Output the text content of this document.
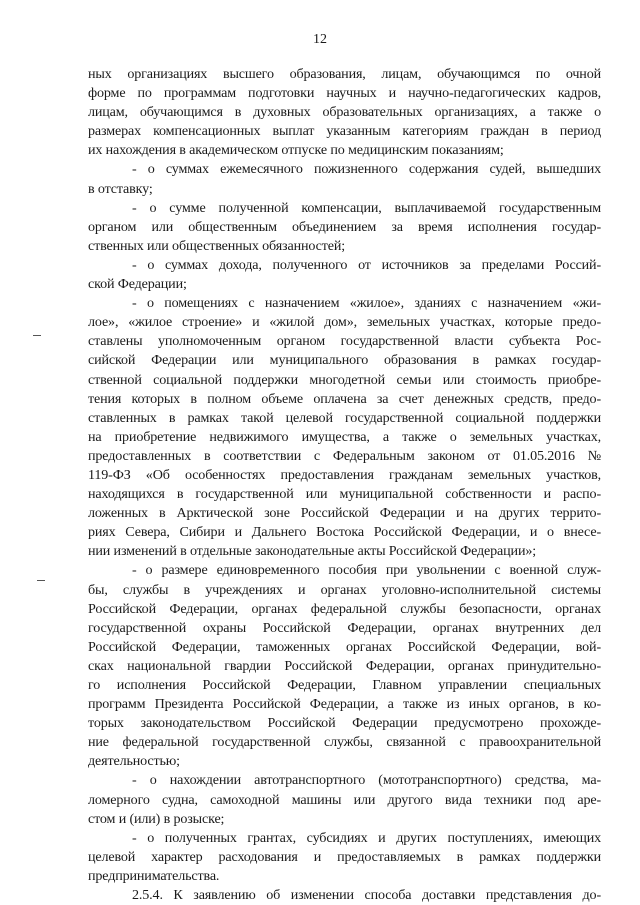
12
ных организациях высшего образования, лицам, обучающимся по очной
форме по программам подготовки научных и научно-педагогических кадров,
лицам, обучающимся в духовных образовательных организациях, а также о
размерах компенсационных выплат указанным категориям граждан в период
их нахождения в академическом отпуске по медицинским показаниям;
- о суммах ежемесячного пожизненного содержания судей, вышедших
в отставку;
- о сумме полученной компенсации, выплачиваемой государственным
органом или общественным объединением за время исполнения государ-
ственных или общественных обязанностей;
- о суммах дохода, полученного от источников за пределами Россий-
ской Федерации;
- о помещениях с назначением «жилое», зданиях с назначением «жи-
лое», «жилое строение» и «жилой дом», земельных участках, которые предо-
ставлены уполномоченным органом государственной власти субъекта Рос-
сийской Федерации или муниципального образования в рамках государ-
ственной социальной поддержки многодетной семьи или стоимость приобре-
тения которых в полном объеме оплачена за счет денежных средств, предо-
ставленных в рамках такой целевой государственной социальной поддержки
на приобретение недвижимого имущества, а также о земельных участках,
предоставленных в соответствии с Федеральным законом от 01.05.2016 №
119-ФЗ «Об особенностях предоставления гражданам земельных участков,
находящихся в государственной или муниципальной собственности и распо-
ложенных в Арктической зоне Российской Федерации и на других террито-
риях Севера, Сибири и Дальнего Востока Российской Федерации, и о внесе-
нии изменений в отдельные законодательные акты Российской Федерации»;
- о размере единовременного пособия при увольнении с военной служ-
бы, службы в учреждениях и органах уголовно-исполнительной системы
Российской Федерации, органах федеральной службы безопасности, органах
государственной охраны Российской Федерации, органах внутренних дел
Российской Федерации, таможенных органах Российской Федерации, вой-
сках национальной гвардии Российской Федерации, органах принудительно-
го исполнения Российской Федерации, Главном управлении специальных
программ Президента Российской Федерации, а также из иных органов, в ко-
торых законодательством Российской Федерации предусмотрено прохожде-
ние федеральной государственной службы, связанной с правоохранительной
деятельностью;
- о нахождении автотранспортного (мототранспортного) средства, ма-
ломерного судна, самоходной машины или другого вида техники под аре-
стом и (или) в розыске;
- о полученных грантах, субсидиях и других поступлениях, имеющих
целевой характер расходования и предоставляемых в рамках поддержки
предпринимательства.
2.5.4. К заявлению об изменении способа доставки представления до-
